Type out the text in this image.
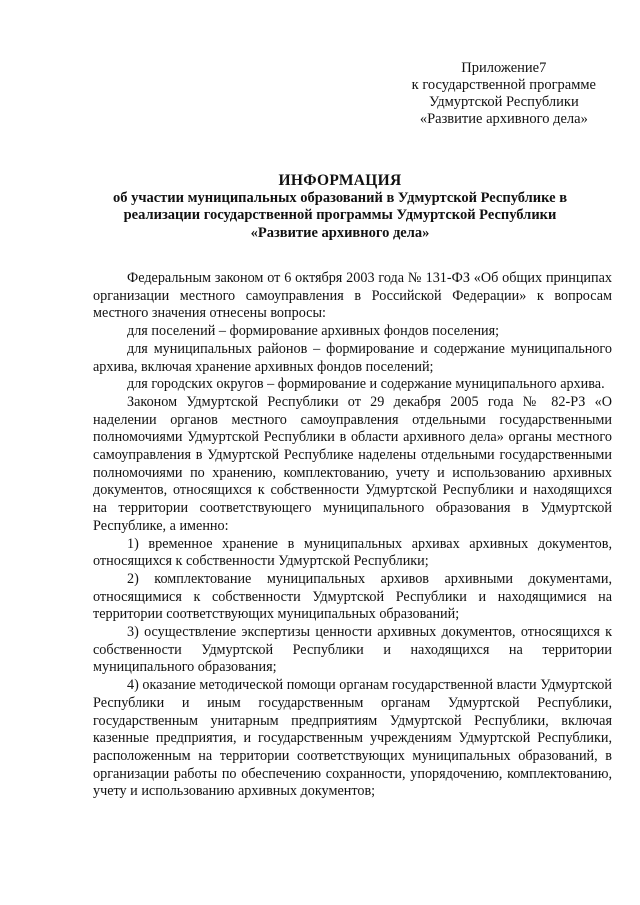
Приложение7
к государственной программе
Удмуртской Республики
«Развитие архивного дела»
ИНФОРМАЦИЯ
об участии муниципальных образований в Удмуртской Республике в
реализации государственной программы Удмуртской Республики
«Развитие архивного дела»

Федеральным законом от 6 октября 2003 года № 131-ФЗ «Об общих принципах организации местного самоуправления в Российской Федерации» к вопросам местного значения отнесены вопросы:

для поселений – формирование архивных фондов поселения;

для муниципальных районов – формирование и содержание муниципального архива, включая хранение архивных фондов поселений;

для городских округов – формирование и содержание муниципального архива.

Законом Удмуртской Республики от 29 декабря 2005 года № 82-РЗ «О наделении органов местного самоуправления отдельными государственными полномочиями Удмуртской Республики в области архивного дела» органы местного самоуправления в Удмуртской Республике наделены отдельными государственными полномочиями по хранению, комплектованию, учету и использованию архивных документов, относящихся к собственности Удмуртской Республики и находящихся на территории соответствующего муниципального образования в Удмуртской Республике, а именно:

1) временное хранение в муниципальных архивах архивных документов, относящихся к собственности Удмуртской Республики;

2) комплектование муниципальных архивов архивными документами, относящимися к собственности Удмуртской Республики и находящимися на территории соответствующих муниципальных образований;

3) осуществление экспертизы ценности архивных документов, относящихся к собственности Удмуртской Республики и находящихся на территории муниципального образования;

4) оказание методической помощи органам государственной власти Удмуртской Республики и иным государственным органам Удмуртской Республики, государственным унитарным предприятиям Удмуртской Республики, включая казенные предприятия, и государственным учреждениям Удмуртской Республики, расположенным на территории соответствующих муниципальных образований, в организации работы по обеспечению сохранности, упорядочению, комплектованию, учету и использованию архивных документов;
